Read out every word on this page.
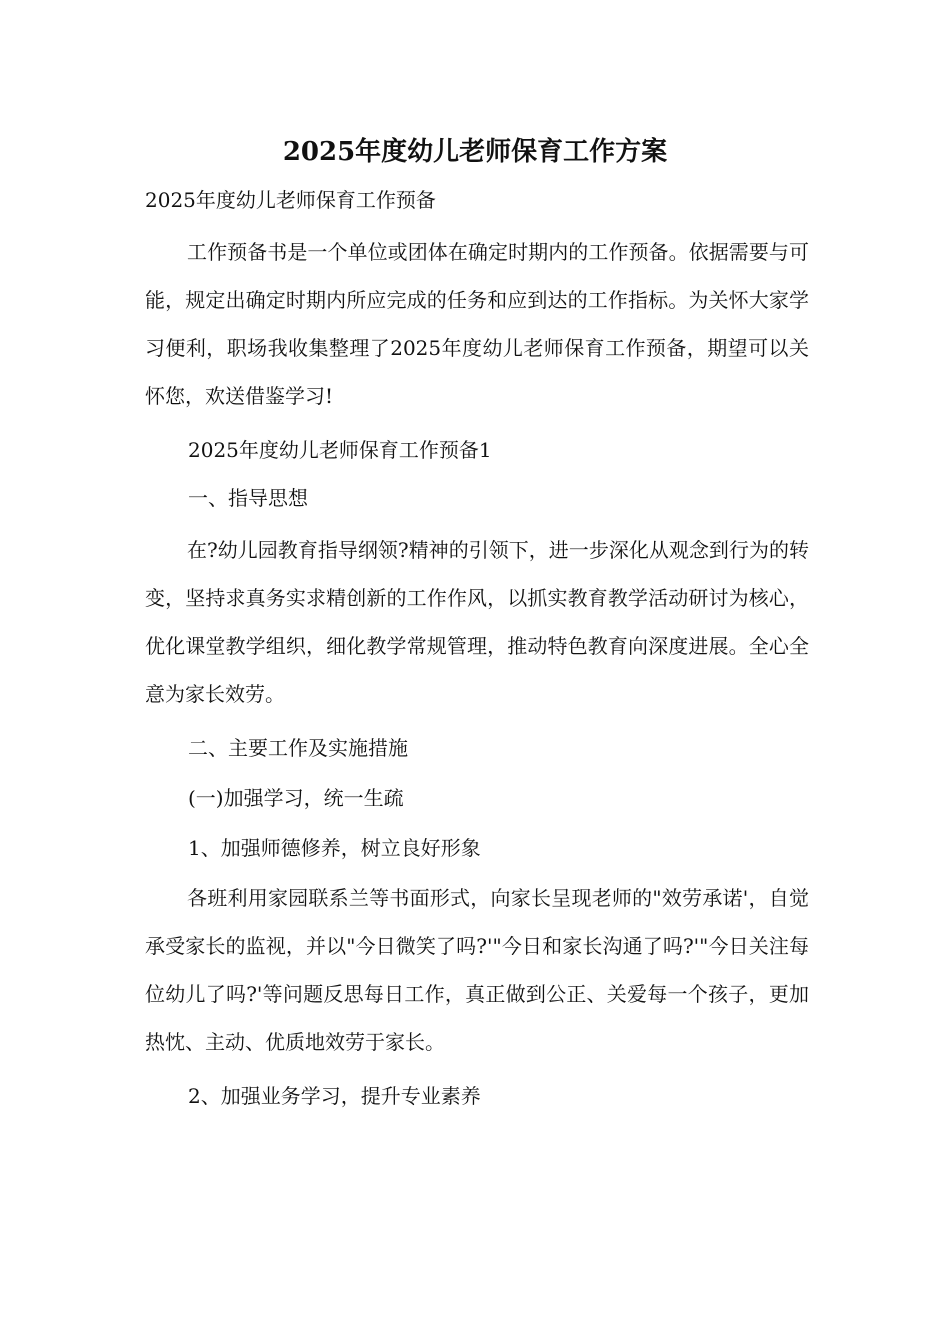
2025年度幼儿老师保育工作方案

2025年度幼儿老师保育工作预备

工作预备书是一个单位或团体在确定时期内的工作预备。依据需要与可能，规定出确定时期内所应完成的任务和应到达的工作指标。为关怀大家学习便利，职场我收集整理了2025年度幼儿老师保育工作预备，期望可以关怀您，欢送借鉴学习!

2025年度幼儿老师保育工作预备1

一、指导思想

在?幼儿园教育指导纲领?精神的引领下，进一步深化从观念到行为的转变，坚持求真务实求精创新的工作作风，以抓实教育教学活动研讨为核心，优化课堂教学组织，细化教学常规管理，推动特色教育向深度进展。全心全意为家长效劳。

二、主要工作及实施措施

(一)加强学习，统一生疏

1、加强师德修养，树立良好形象

各班利用家园联系兰等书面形式，向家长呈现老师的"效劳承诺'，自觉承受家长的监视，并以"今日微笑了吗?'"今日和家长沟通了吗?'"今日关注每位幼儿了吗?'等问题反思每日工作，真正做到公正、关爱每一个孩子，更加热忱、主动、优质地效劳于家长。

2、加强业务学习，提升专业素养
